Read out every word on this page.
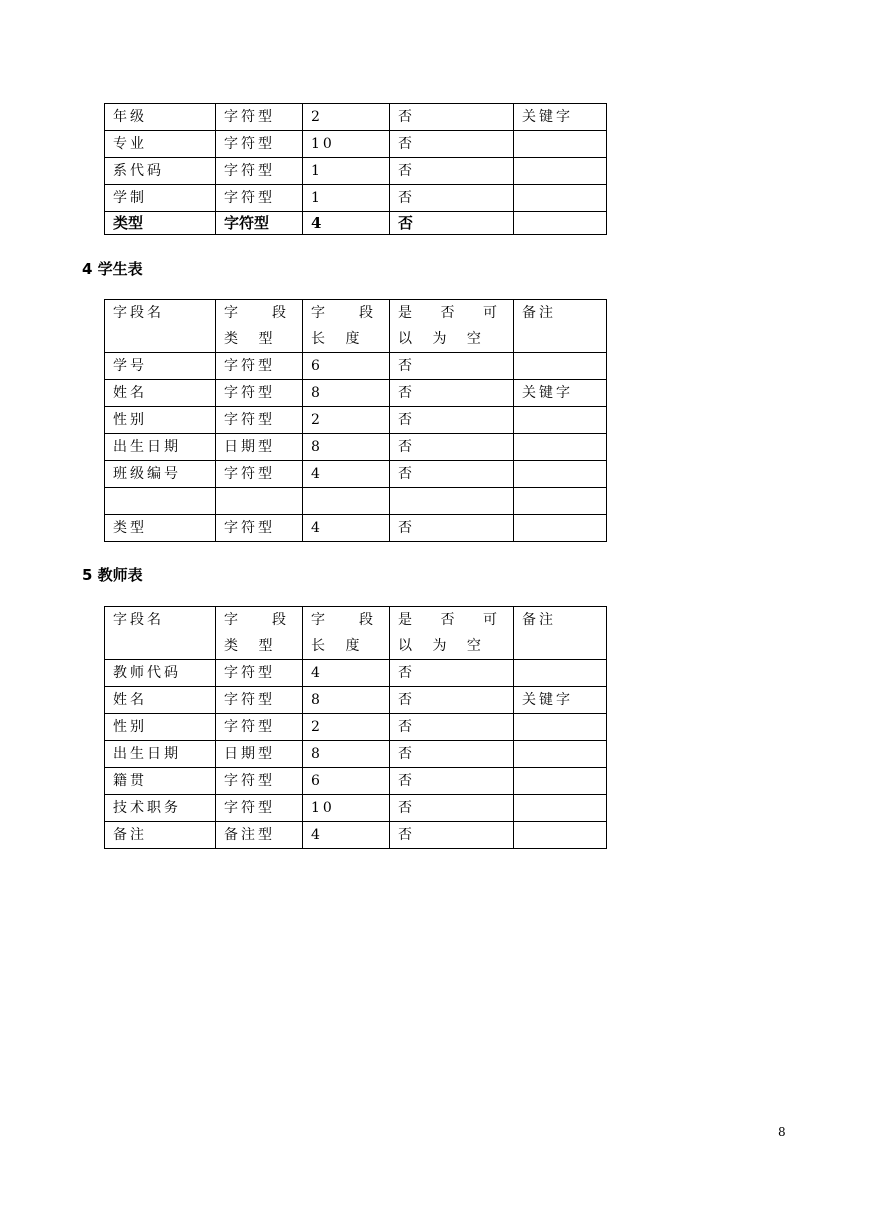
年级	字符型	2	否	关键字
专业	字符型	10	否	
系代码	字符型	1	否	
学制	字符型	1	否	
类型	字符型	4	否	
4 学生表
字段名	字 段 类 型	字 段 长 度	是 否 可 以 为 空	备注
学号	字符型	6	否	
姓名	字符型	8	否	关键字
性别	字符型	2	否	
出生日期	日期型	8	否	
班级编号	字符型	4	否	

类型	字符型	4	否	
5 教师表
字段名	字 段 类 型	字 段 长 度	是 否 可 以 为 空	备注
教师代码	字符型	4	否	
姓名	字符型	8	否	关键字
性别	字符型	2	否	
出生日期	日期型	8	否	
籍贯	字符型	6	否	
技术职务	字符型	10	否	
备注	备注型	4	否	
8
